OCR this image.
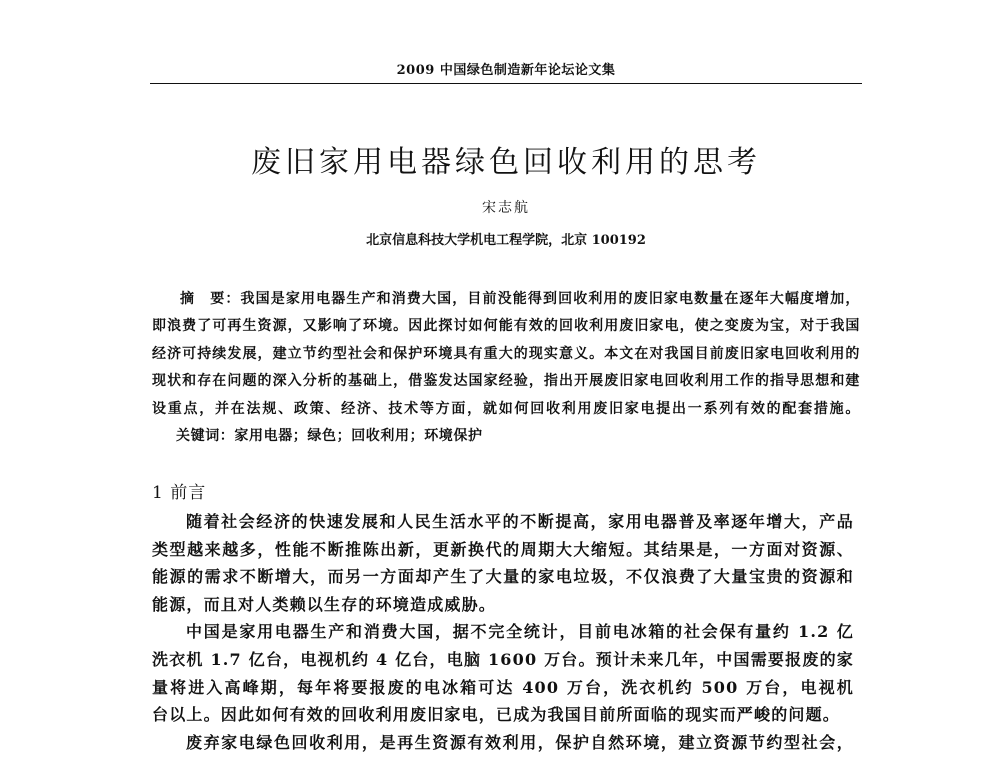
2009 中国绿色制造新年论坛论文集
废旧家用电器绿色回收利用的思考
宋志航
北京信息科技大学机电工程学院，北京 100192
摘　要：我国是家用电器生产和消费大国，目前没能得到回收利用的废旧家电数量在逐年大幅度增加，
即浪费了可再生资源，又影响了环境。因此探讨如何能有效的回收利用废旧家电，使之变废为宝，对于我国
经济可持续发展，建立节约型社会和保护环境具有重大的现实意义。本文在对我国目前废旧家电回收利用的
现状和存在问题的深入分析的基础上，借鉴发达国家经验，指出开展废旧家电回收利用工作的指导思想和建
设重点，并在法规、政策、经济、技术等方面，就如何回收利用废旧家电提出一系列有效的配套措施。
关键词：家用电器；绿色；回收利用；环境保护
1 前言
随着社会经济的快速发展和人民生活水平的不断提高，家用电器普及率逐年增大，产品
类型越来越多，性能不断推陈出新，更新换代的周期大大缩短。其结果是，一方面对资源、
能源的需求不断增大，而另一方面却产生了大量的家电垃圾，不仅浪费了大量宝贵的资源和
能源，而且对人类赖以生存的环境造成威胁。
中国是家用电器生产和消费大国，据不完全统计，目前电冰箱的社会保有量约 1.2 亿
洗衣机 1.7 亿台，电视机约 4 亿台，电脑 1600 万台。预计未来几年，中国需要报废的家
量将进入高峰期，每年将要报废的电冰箱可达 400 万台，洗衣机约 500 万台，电视机
台以上。因此如何有效的回收利用废旧家电，已成为我国目前所面临的现实而严峻的问题。
废弃家电绿色回收利用，是再生资源有效利用，保护自然环境，建立资源节约型社会，
